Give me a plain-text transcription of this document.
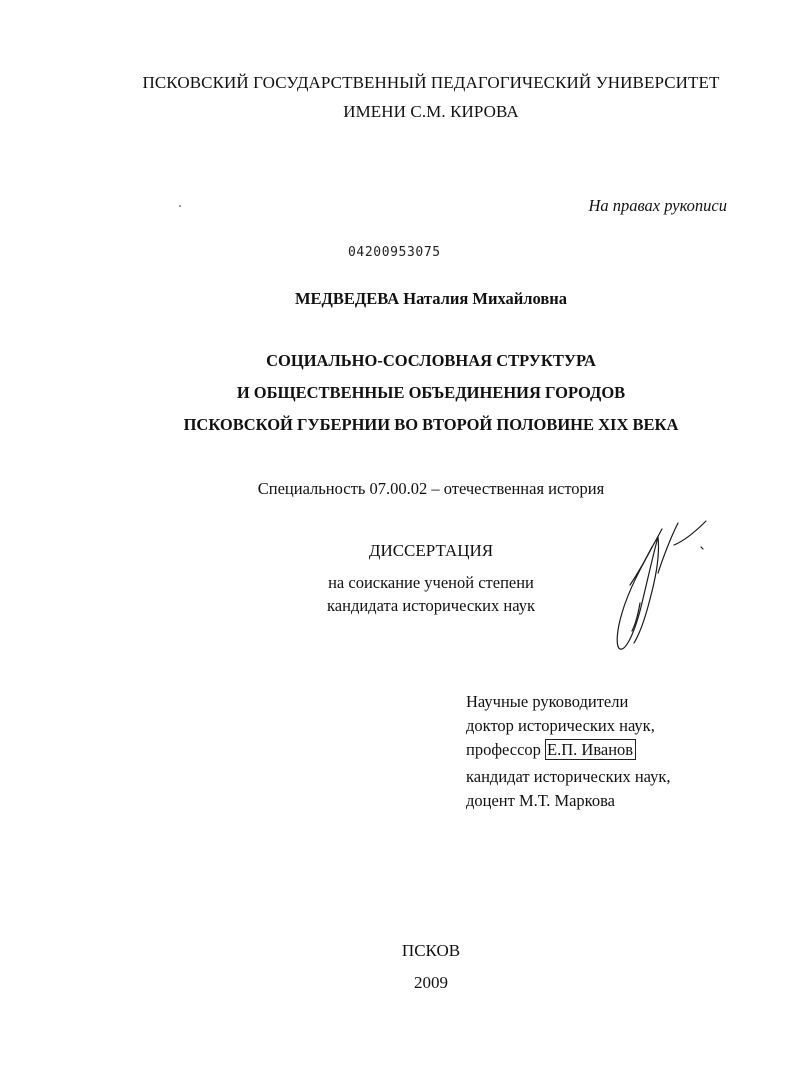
ПСКОВСКИЙ ГОСУДАРСТВЕННЫЙ ПЕДАГОГИЧЕСКИЙ УНИВЕРСИТЕТ

ИМЕНИ С.М. КИРОВА

На правах рукописи

04200953075

МЕДВЕДЕВА Наталия Михайловна

СОЦИАЛЬНО-СОСЛОВНАЯ СТРУКТУРА

И ОБЩЕСТВЕННЫЕ ОБЪЕДИНЕНИЯ ГОРОДОВ

ПСКОВСКОЙ ГУБЕРНИИ ВО ВТОРОЙ ПОЛОВИНЕ XIX ВЕКА

Специальность 07.00.02 – отечественная история

ДИССЕРТАЦИЯ

на соискание ученой степени

кандидата исторических наук

Научные руководители

доктор исторических наук,

профессор Е.П. Иванов

кандидат исторических наук,

доцент М.Т. Маркова

ПСКОВ

2009
